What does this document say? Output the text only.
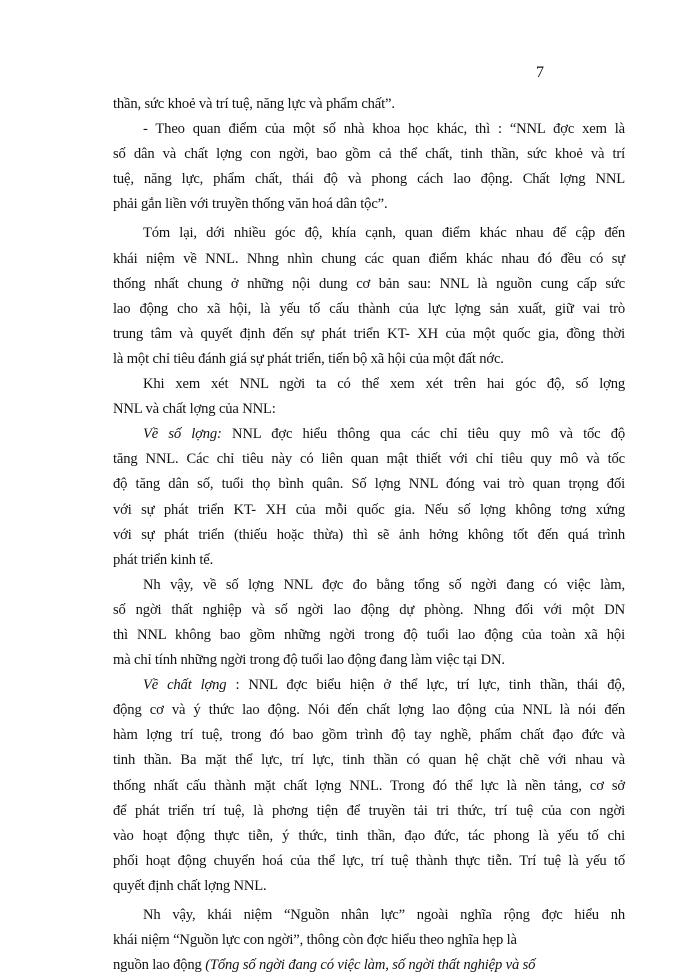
7

thần, sức khoẻ và trí tuệ, năng lực và phẩm chất”.

- Theo quan điểm của một số nhà khoa học khác, thì : “NNL đợc xem là
số dân và chất lợng con ngời, bao gồm cả thể chất, tinh thần, sức khoẻ và trí
tuệ, năng lực, phẩm chất, thái độ và phong cách lao động. Chất lợng NNL
phải gắn liền với truyền thống văn hoá dân tộc”.

Tóm lại, dới nhiều góc độ, khía cạnh, quan điểm khác nhau để cập đến
khái niệm về NNL. Nhng nhìn chung các quan điểm khác nhau đó đều có sự
thống nhất chung ở những nội dung cơ bản sau: NNL là nguồn cung cấp sức
lao động cho xã hội, là yếu tố cấu thành của lực lợng sản xuất, giữ vai trò
trung tâm và quyết định đến sự phát triển KT- XH của một quốc gia, đồng thời
là một chỉ tiêu đánh giá sự phát triển, tiến bộ xã hội của một đất nớc.

Khi xem xét NNL ngời ta có thể xem xét trên hai góc độ, số lợng
NNL và chất lợng của NNL:

Về số lợng: NNL đợc hiểu thông qua các chỉ tiêu quy mô và tốc độ
tăng NNL. Các chỉ tiêu này có liên quan mật thiết với chỉ tiêu quy mô và tốc
độ tăng dân số, tuổi thọ bình quân. Số lợng NNL đóng vai trò quan trọng đối
với sự phát triển KT- XH của mỗi quốc gia. Nếu số lợng không tơng xứng
với sự phát triển (thiếu hoặc thừa) thì sẽ ảnh hởng không tốt đến quá trình
phát triển kinh tế.

Nh vậy, về số lợng NNL đợc đo bằng tổng số ngời đang có việc làm,
số ngời thất nghiệp và số ngời lao động dự phòng. Nhng đối với một DN
thì NNL không bao gồm những ngời trong độ tuổi lao động của toàn xã hội
mà chỉ tính những ngời trong độ tuổi lao động đang làm việc tại DN.

Về chất lợng : NNL đợc biểu hiện ở thể lực, trí lực, tinh thần, thái độ,
động cơ và ý thức lao động. Nói đến chất lợng lao động của NNL là nói đến
hàm lợng trí tuệ, trong đó bao gồm trình độ tay nghề, phẩm chất đạo đức và
tinh thần. Ba mặt thể lực, trí lực, tinh thần có quan hệ chặt chẽ với nhau và
thống nhất cấu thành mặt chất lợng NNL. Trong đó thể lực là nền tảng, cơ sở
để phát triển trí tuệ, là phơng tiện để truyền tải tri thức, trí tuệ của con ngời
vào hoạt động thực tiễn, ý thức, tinh thần, đạo đức, tác phong là yếu tố chi
phối hoạt động chuyển hoá của thể lực, trí tuệ thành thực tiễn. Trí tuệ là yếu tố
quyết định chất lợng NNL.

Nh vậy, khái niệm “Nguồn nhân lực” ngoài nghĩa rộng đợc hiểu nh
khái niệm “Nguồn lực con ngời”, thông còn đợc hiểu theo nghĩa hẹp là

nguồn lao động (Tổng số ngời đang có việc làm, số ngời thất nghiệp và số
